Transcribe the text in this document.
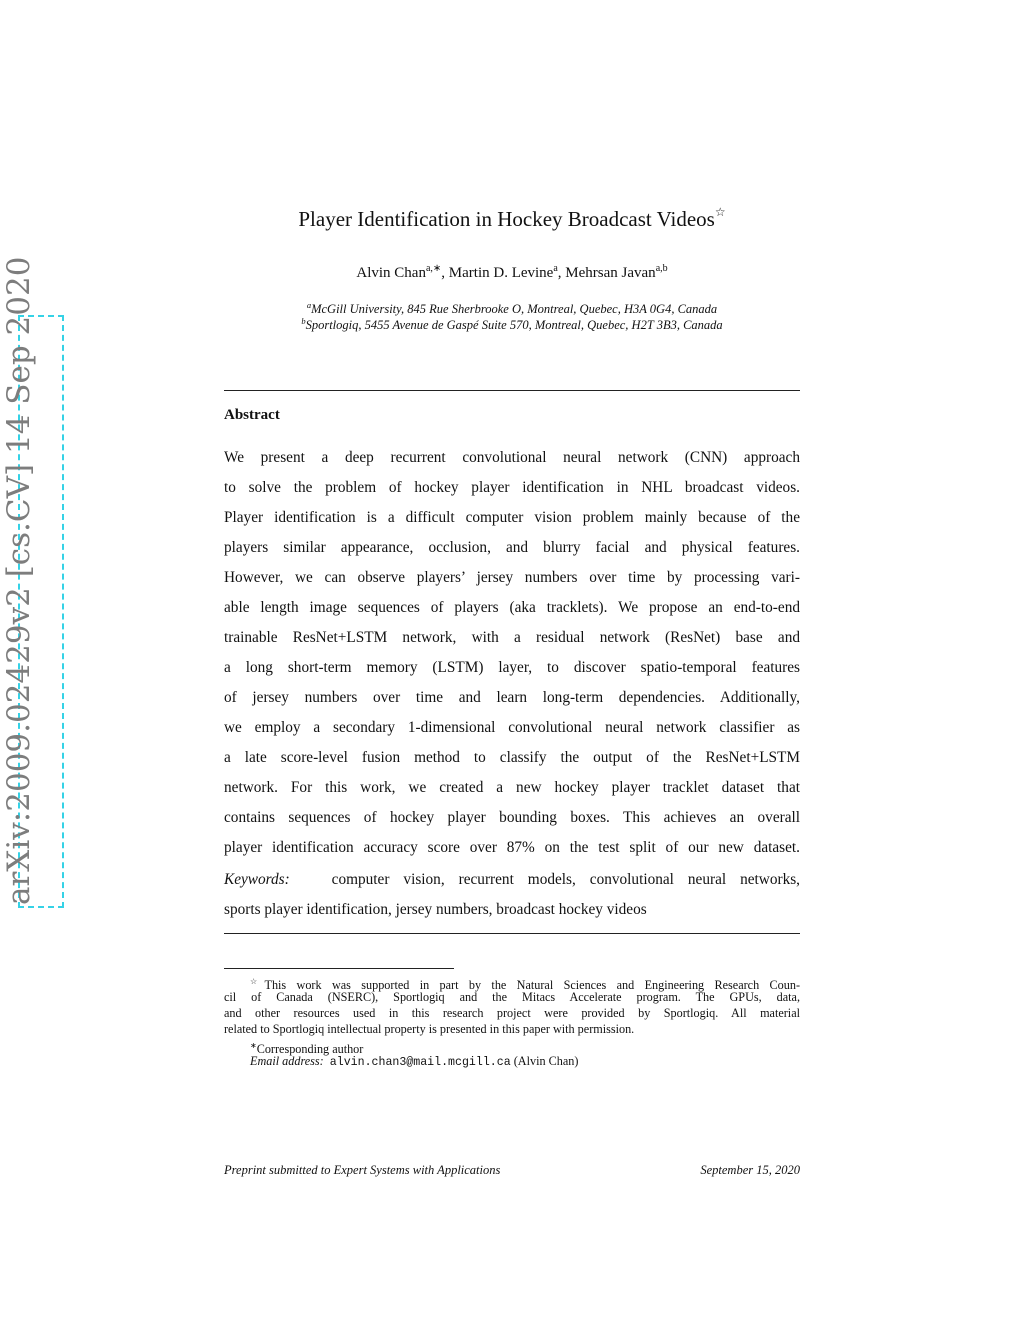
arXiv:2009.02429v2 [cs.CV] 14 Sep 2020
Player Identification in Hockey Broadcast Videos☆
Alvin Chan$^{a,∗}$, Martin D. Levine$^a$, Mehrsan Javan$^{a,b}$
$^a$McGill University, 845 Rue Sherbrooke O, Montreal, Quebec, H3A 0G4, Canada
$^b$Sportlogiq, 5455 Avenue de Gaspé Suite 570, Montreal, Quebec, H2T 3B3, Canada
Abstract
We present a deep recurrent convolutional neural network (CNN) approach
to solve the problem of hockey player identification in NHL broadcast videos.
Player identification is a difficult computer vision problem mainly because of the
players similar appearance, occlusion, and blurry facial and physical features.
However, we can observe players’ jersey numbers over time by processing vari-
able length image sequences of players (aka tracklets). We propose an end-to-end
trainable ResNet+LSTM network, with a residual network (ResNet) base and
a long short-term memory (LSTM) layer, to discover spatio-temporal features
of jersey numbers over time and learn long-term dependencies. Additionally,
we employ a secondary 1-dimensional convolutional neural network classifier as
a late score-level fusion method to classify the output of the ResNet+LSTM
network. For this work, we created a new hockey player tracklet dataset that
contains sequences of hockey player bounding boxes. This achieves an overall
player identification accuracy score over 87% on the test split of our new dataset.
Keywords:	computer vision, recurrent models, convolutional neural networks,
sports player identification, jersey numbers, broadcast hockey videos
☆This work was supported in part by the Natural Sciences and Engineering Research Coun-
cil of Canada (NSERC), Sportlogiq and the Mitacs Accelerate program. The GPUs, data,
and other resources used in this research project were provided by Sportlogiq. All material
related to Sportlogiq intellectual property is presented in this paper with permission.
∗Corresponding author
Email address: alvin.chan3@mail.mcgill.ca (Alvin Chan)
Preprint submitted to Expert Systems with Applications	September 15, 2020
